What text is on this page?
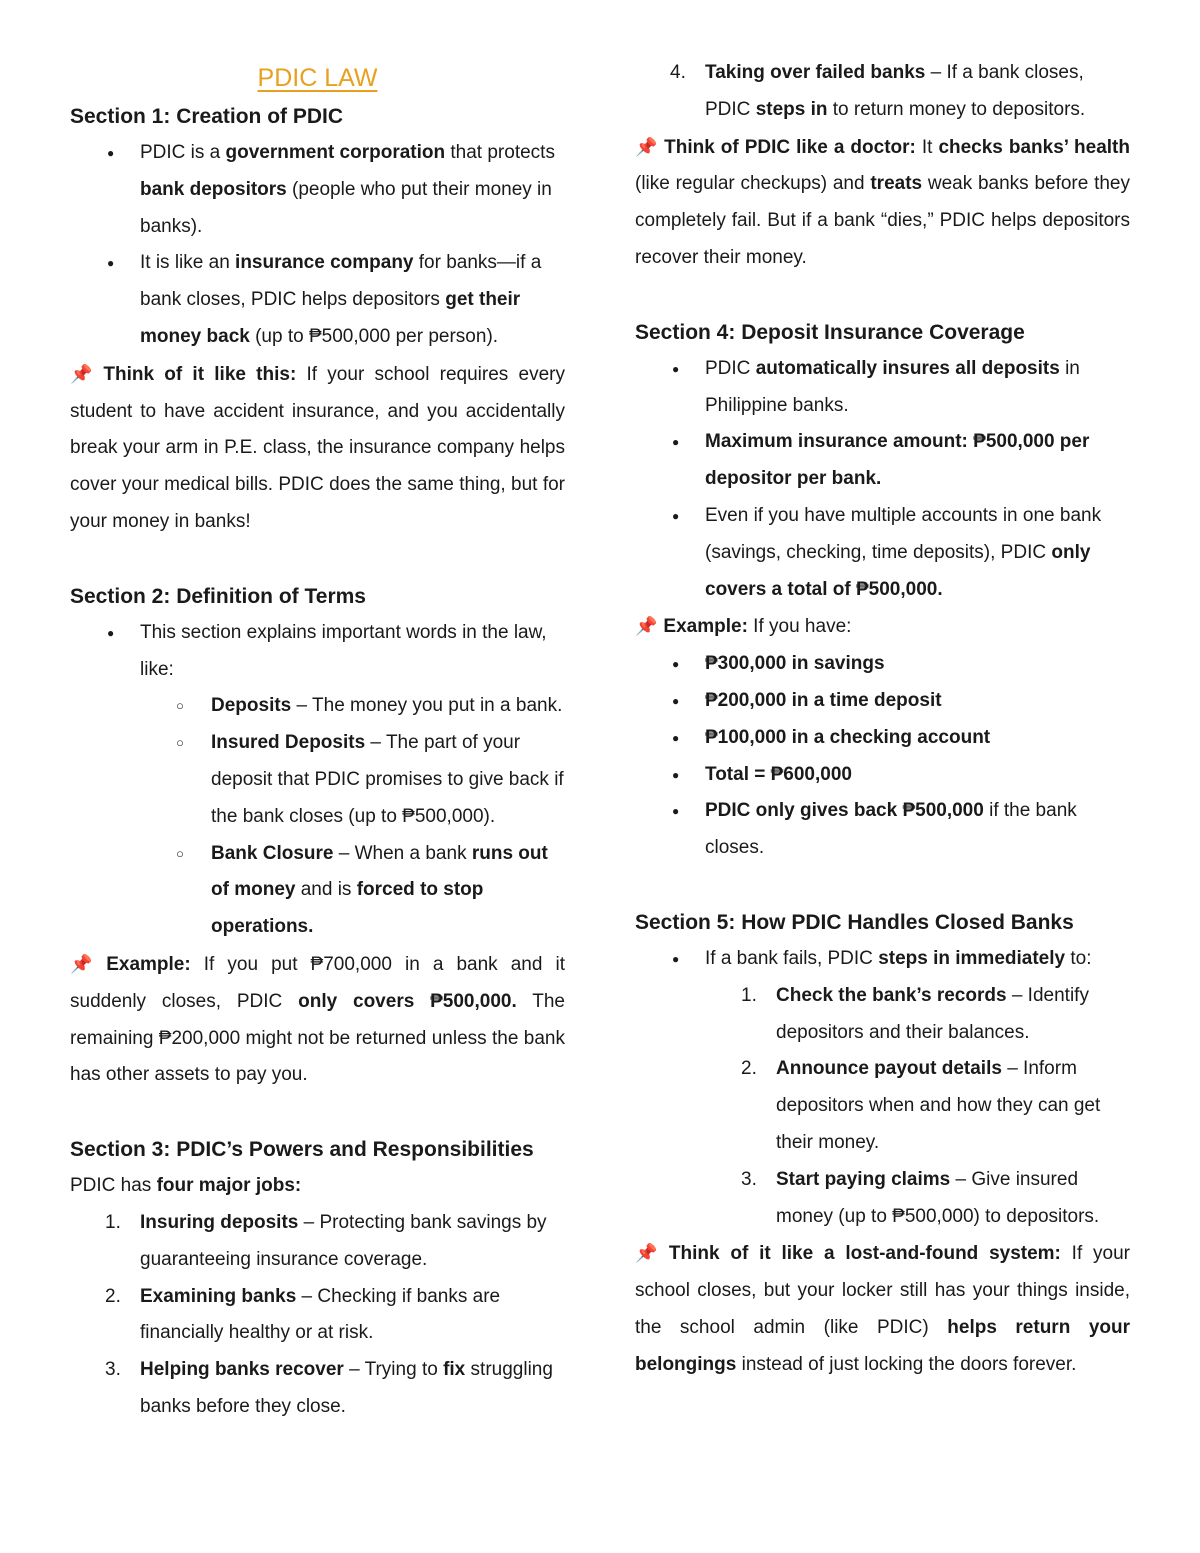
PDIC LAW
Section 1: Creation of PDIC
● PDIC is a government corporation that protects bank depositors (people who put their money in banks).
● It is like an insurance company for banks—if a bank closes, PDIC helps depositors get their money back (up to ₱500,000 per person).

📌 Think of it like this: If your school requires every student to have accident insurance, and you accidentally break your arm in P.E. class, the insurance company helps cover your medical bills. PDIC does the same thing, but for your money in banks!

Section 2: Definition of Terms
● This section explains important words in the law, like:
○ Deposits – The money you put in a bank.
○ Insured Deposits – The part of your deposit that PDIC promises to give back if the bank closes (up to ₱500,000).
○ Bank Closure – When a bank runs out of money and is forced to stop operations.

📌 Example: If you put ₱700,000 in a bank and it suddenly closes, PDIC only covers ₱500,000. The remaining ₱200,000 might not be returned unless the bank has other assets to pay you.

Section 3: PDIC’s Powers and Responsibilities

PDIC has four major jobs:

1. Insuring deposits – Protecting bank savings by guaranteeing insurance coverage.
2. Examining banks – Checking if banks are financially healthy or at risk.
3. Helping banks recover – Trying to fix struggling banks before they close.
4. Taking over failed banks – If a bank closes, PDIC steps in to return money to depositors.

📌 Think of PDIC like a doctor: It checks banks’ health (like regular checkups) and treats weak banks before they completely fail. But if a bank “dies,” PDIC helps depositors recover their money.

Section 4: Deposit Insurance Coverage
● PDIC automatically insures all deposits in Philippine banks.
● Maximum insurance amount: ₱500,000 per depositor per bank.
● Even if you have multiple accounts in one bank (savings, checking, time deposits), PDIC only covers a total of ₱500,000.

📌 Example: If you have:

● ₱300,000 in savings
● ₱200,000 in a time deposit
● ₱100,000 in a checking account
● Total = ₱600,000
● PDIC only gives back ₱500,000 if the bank closes.
Section 5: How PDIC Handles Closed Banks
● If a bank fails, PDIC steps in immediately to:
1. Check the bank’s records – Identify depositors and their balances.
2. Announce payout details – Inform depositors when and how they can get their money.
3. Start paying claims – Give insured money (up to ₱500,000) to depositors.

📌 Think of it like a lost-and-found system: If your school closes, but your locker still has your things inside, the school admin (like PDIC) helps return your belongings instead of just locking the doors forever.
